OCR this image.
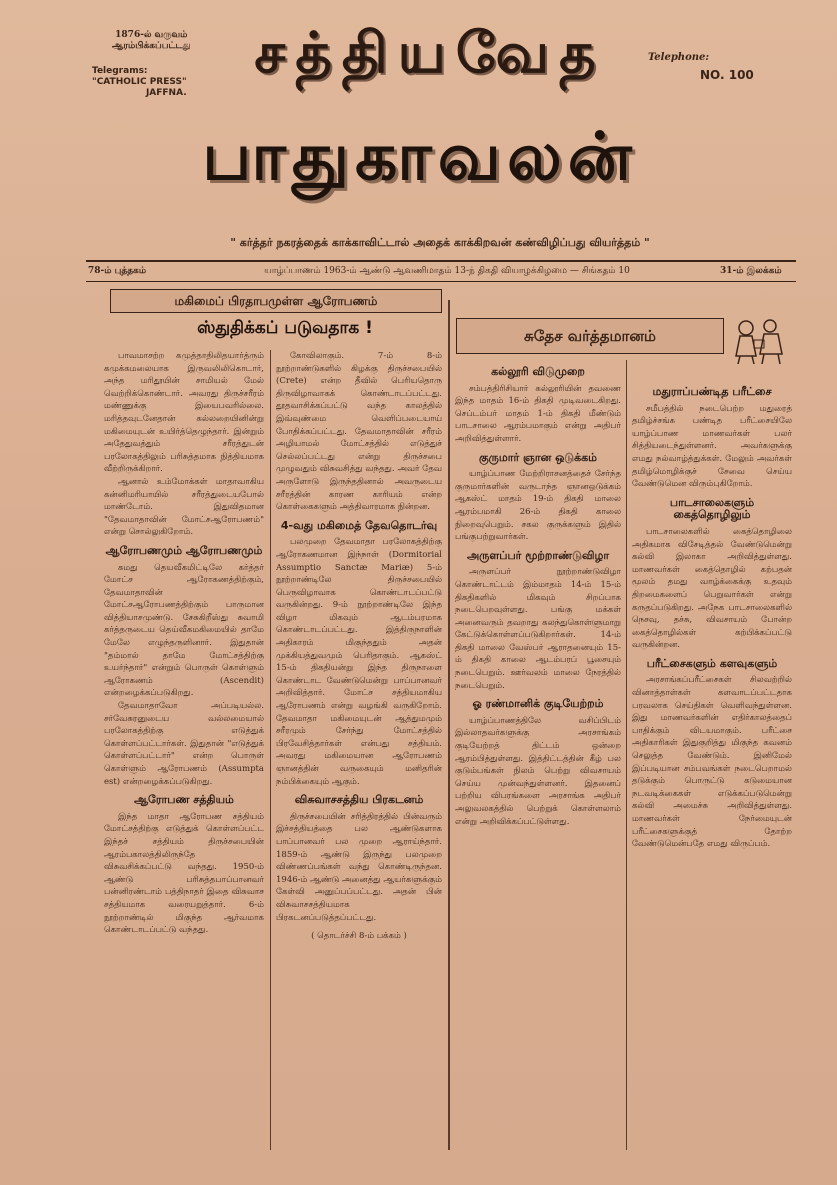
1876-ல் வருவம்
ஆரம்பிக்கப்பட்டது
Telegrams:
"CATHOLIC PRESS"
JAFFNA.
Telephone:
NO. 100
சத்தியவேத
பாதுகாவலன்
" கர்த்தர் நகரத்தைக் காக்காவிட்டால் அதைக் காக்கிறவன் கண்விழிப்பது வியர்த்தம் "
78-ம் புத்தகம்	யாழ்ப்பாணம் 1963-ம் ஆண்டு ஆவணிமாதம் 13-ந் திகதி வியாழக்கிழமை — சிங்கதம் 10	31-ம் இலக்கம்
மகிமைப் பிரதாபமுள்ள ஆரோபணம்
ஸ்துதிக்கப் படுவதாக !	சுதேச வர்த்தமானம்

பாவமாசற்ற கமுத்தாதிலிதயார்த்ரும் கமுக்கமலையாக இருவலிலிகொடார், அந்த மரிதூயின் சாமியல் மேல் வெற்றிக்கொண்டார். அவரது திருச்சரீரம் மண்ணுக்கு இயைபவரில்லை. மரித்தவுடனேதான் கல்லறையினின்று மகிமையுடன் உயிர்த்தெழுந்தார். இன்றும் அதேதுவத்தும் சரீரத்துடன் பரலோகத்திலும் பரிசுத்தமாக நித்தியமாக வீற்றிருக்கிறார்.

ஆனால் உம்மோக்கள் மாதாவாகிய கன்னிமரியாயில் சரீரத்துடையபோல் மாண்டோம். இதுவிதமான "தேவமாதாவின் மோட்சஆரோபணம்" என்று சொல்லுகிறோம்.

ஆரோபணமும் ஆரோபணமும்

கமது தெயவீகமிட்டிலே கர்த்தர் மோட்ச ஆரோகணத்திற்கும், தேவமாதாவின் மோட்சஆரோபணத்திற்கும் பாருமான வித்தியாசமுண்டு. சேசுகிறீஸ்து சுவாமி கர்த்தருடைய தெய்வீகமகிமையில் தாமே மேலே எழுந்தருளினார். இதுதான் "தம்மால் தாமே மோட்சத்திற்கு உயர்ந்தார்" என்றும் பொருள் கொள்ளும் ஆரோகணம் (Ascendit) என்றழைக்கப்படுகிறது.

தேவமாதாவோ அப்படியல்ல. சர்வேசுரனுடைய வல்லமையால் பரலோகத்திற்கு எடுத்துக் கொள்ளப்பட்டார்கள். இதுதான் "எடுத்துக் கொள்ளப்பட்டார்" என்ற பொருள் கொள்ளும் ஆரோபணம் (Assumpta est) என்றழைக்கப்படுகிறது.

ஆரோபண சத்தியம்

இந்த மாதா ஆரோபண சத்தியம் மோட்சத்திற்கு எடுத்துக் கொள்ளப்பட்ட இந்தச் சத்தியம் திருச்சபையின் ஆரம்பகாலத்திலிருந்தே விசுவசிக்கப்பட்டு வந்தது. 1950-ம் ஆண்டு பரிசுத்தபாப்பானவர் பன்னிரண்டாம் பத்திநாதர் இதை விசுவாச சத்தியமாக வரையறுத்தார். 6-ம் நூற்றாண்டில் மிகுந்த ஆர்வமாக கொண்டாடப்பட்டு வந்தது.

கோவிலாகும். 7-ம் 8-ம் நூற்றாண்டுகளில் கிழக்கு திருச்சபையில் (Crete) என்ற தீவில் பெரியதொரு திருவிழாவாகக் கொண்டாடப்பட்டது. தூதவாசிக்கப்பட்டு வந்த காலத்தில் இவ்வுண்மை வெளிப்படையாய் போதிக்கப்பட்டது. தேவமாதாவின் சரீரம் அழியாமல் மோட்சத்தில் எடுத்துச் செல்லப்பட்டது என்று திருச்சபை முழுவதும் விசுவசித்து வந்தது. அவர் தேவ அருளோடு இருந்ததினால் அவருடைய சரீரத்தின் காரண காரியம் என்ற கொள்கைகளும் அத்திவாரமாக நின்றன.

4-வது மகிமைத் தேவதொடர்வு

பலமுறை தேவமாதா பரலோகத்திற்கு ஆரோகணமான இந்நாள் (Dormitorial Assumptio Sanctæ Mariæ) 5-ம் நூற்றாண்டிலே திருச்சபையில் பெருவிழாவாக கொண்டாடப்பட்டு வருகின்றது. 9-ம் நூற்றாண்டிலே இந்த விழா மிகவும் ஆடம்பரமாக கொண்டாடப்பட்டது. இத்திருநாளின் அதிகாரம் மிகுந்ததும் அதன் முக்கியத்துவமும் பெரிதாகும். ஆகஸ்ட் 15-ம் திகதியன்று இந்த திருநாளை கொண்டாட வேண்டுமென்று பாப்பானவர் அறிவித்தார். மோட்ச சத்தியமாகிய ஆரோபணம் என்று வழங்கி வருகிறோம். தேவமாதா மகிமையுடன் ஆத்துமமும் சரீரமும் சேர்ந்து மோட்சத்தில் பிரவேசித்தார்கள் என்பது சத்தியம். அவரது மகிமையான ஆரோபணம் ஞானத்தின் வருகையும் மனிதரின் நம்பிக்கையும் ஆகும்.

விசுவாசசத்திய பிரகடனம்

திருச்சபையின் சரித்திரத்தில் பின்வரும் இச்சத்தியத்தை பல ஆண்டுகளாக பாப்பானவர் பல முறை ஆராய்ந்தார். 1859-ம் ஆண்டு இருந்து பலமுறை விண்ணப்பங்கள் வந்து கொண்டிருந்தன. 1946-ம் ஆண்டு அனைத்து ஆயர்களுக்கும் கேள்வி அனுப்பப்பட்டது. அதன் பின் விசுவாசசத்தியமாக பிரகடனப்படுத்தப்பட்டது.

( தொடர்ச்சி 8-ம் பக்கம் )
கல்லூரி விடுமுறை

சம்பத்திரிசியார் கல்லூரியின் தவணை இந்த மாதம் 16-ம் திகதி முடிவடைகிறது. செப்டம்பர் மாதம் 1-ம் திகதி மீண்டும் பாடசாலை ஆரம்பமாகும் என்று அதிபர் அறிவித்துள்ளார்.

குருமார் ஞான ஒடுக்கம்

யாழ்ப்பாண மேற்றிராசனத்தைச் சேர்ந்த குருமார்களின் வருடாந்த ஞானஒடுக்கம் ஆகஸ்ட் மாதம் 19-ம் திகதி மாலை ஆரம்பமாகி 26-ம் திகதி காலை நிறைவுபெறும். சகல குருக்களும் இதில் பங்குபற்றுவார்கள்.

அருளப்பர் மூற்றாண்டுவிழா

அருளப்பர் நூற்றாண்டுவிழா கொண்டாட்டம் இம்மாதம் 14-ம் 15-ம் திகதிகளில் மிகவும் சிறப்பாக நடைபெறவுள்ளது. பங்கு மக்கள் அனைவரும் தவறாது கலந்துகொள்ளுமாறு கேட்டுக்கொள்ளப்படுகிறார்கள். 14-ம் திகதி மாலை வேஸ்பர் ஆராதனையும் 15-ம் திகதி காலை ஆடம்பரப் பூசையும் நடைபெறும். ஊர்வலம் மாலை நேரத்தில் நடைபெறும்.

ஓ ரண்மானிக் குடியேற்றம்

யாழ்ப்பாணத்திலே வசிப்பிடம் இல்லாதவர்களுக்கு அரசாங்கம் குடியேற்றத் திட்டம் ஒன்றை ஆரம்பித்துள்ளது. இத்திட்டத்தின் கீழ் பல குடும்பங்கள் நிலம் பெற்று விவசாயம் செய்ய முன்வந்துள்ளனர். இதனைப் பற்றிய விபரங்களை அரசாங்க அதிபர் அலுவலகத்தில் பெற்றுக் கொள்ளலாம் என்று அறிவிக்கப்பட்டுள்ளது.

மதுராப்பண்டித பரீட்சை

சமீபத்தில் நடைபெற்ற மதுரைத் தமிழ்ச்சங்க பண்டித பரீட்சையிலே யாழ்ப்பாண மாணவர்கள் பலர் சித்தியடைந்துள்ளனர். அவர்களுக்கு எமது நல்வாழ்த்துக்கள். மேலும் அவர்கள் தமிழ்மொழிக்குச் சேவை செய்ய வேண்டுமென விரும்புகிறோம்.

பாடசாலைகளும் கைத்தொழிலும்

பாடசாலைகளில் கைத்தொழிலை அதிகமாக விசேடித்தல் வேண்டுமென்று கல்வி இலாகா அறிவித்துள்ளது. மாணவர்கள் கைத்தொழில் கற்பதன் மூலம் தமது வாழ்க்கைக்கு உதவும் திறமைகளைப் பெறுவார்கள் என்று கருதப்படுகிறது. அநேக பாடசாலைகளில் நெசவு, தச்சு, விவசாயம் போன்ற கைத்தொழில்கள் கற்பிக்கப்பட்டு வருகின்றன.

பரீட்சைகளும் களவுகளும்

அரசாங்கப்பரீட்சைகள் சிலவற்றில் வினாத்தாள்கள் களவாடப்பட்டதாக பரவலாக செய்திகள் வெளிவந்துள்ளன. இது மாணவர்களின் எதிர்காலத்தைப் பாதிக்கும் விடயமாகும். பரீட்சை அதிகாரிகள் இதுகுறித்து மிகுந்த கவனம் செலுத்த வேண்டும். இனிமேல் இப்படியான சம்பவங்கள் நடைபெறாமல் தடுக்கும் பொருட்டு கடுமையான நடவடிக்கைகள் எடுக்கப்படுமென்று கல்வி அமைச்சு அறிவித்துள்ளது. மாணவர்கள் நேர்மையுடன் பரீட்சைகளுக்குத் தோற்ற வேண்டுமென்பதே எமது விருப்பம்.
